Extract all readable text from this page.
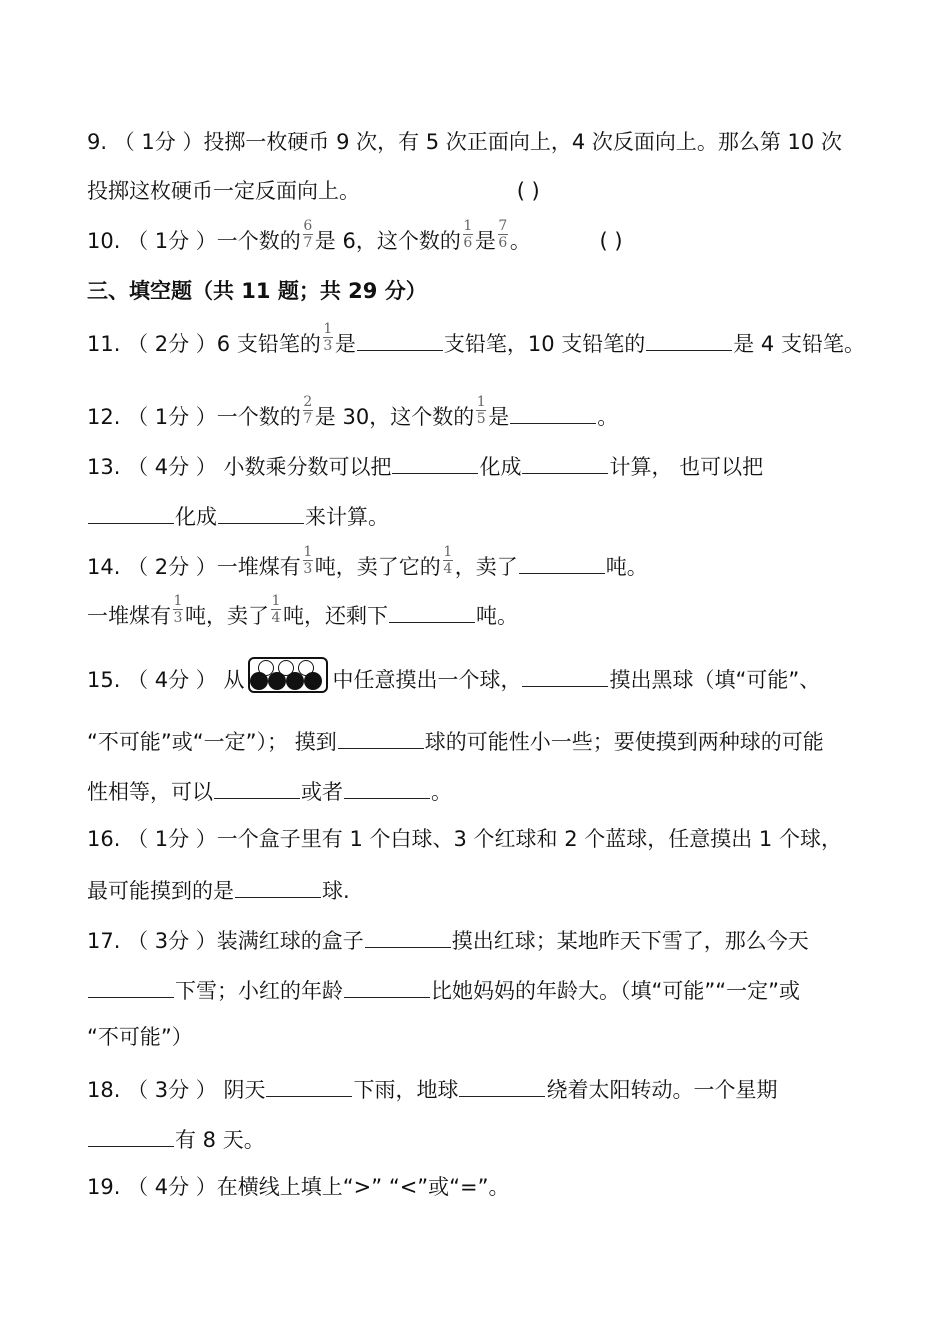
9. （ 1分 ）投掷一枚硬币 9 次，有 5 次正面向上，4 次反面向上。那么第 10 次
投掷这枚硬币一定反面向上。	( )
10. （ 1分 ）一个数的 $\frac{6}{7}$ 是 6，这个数的 $\frac{1}{6}$ 是 $\frac{7}{6}$ 。	( )
三、填空题（共 11 题；共 29 分）
11. （ 2分 ）6 支铅笔的 $\frac{1}{3}$ 是	支铅笔，10 支铅笔的	是 4 支铅笔。
12. （ 1分 ）一个数的 $\frac{2}{7}$ 是 30，这个数的 $\frac{1}{5}$ 是	。
13. （ 4分 ） 小数乘分数可以把	化成	计算， 也可以把
化成	来计算。
14. （ 2分 ）一堆煤有 $\frac{1}{3}$ 吨，卖了它的 $\frac{1}{4}$ ，卖了	吨。
一堆煤有 $\frac{1}{3}$ 吨，卖了 $\frac{1}{4}$ 吨，还剩下	吨。
15. （ 4分 ） 从	中任意摸出一个球，	摸出黑球（填“可能”、
“不可能”或“一定”）； 摸到	球的可能性小一些；要使摸到两种球的可能
性相等，可以	或者	。
16. （ 1分 ）一个盒子里有 1 个白球、3 个红球和 2 个蓝球，任意摸出 1 个球，
最可能摸到的是	球.
17. （ 3分 ）装满红球的盒子	摸出红球；某地昨天下雪了，那么今天
下雪；小红的年龄	比她妈妈的年龄大。（填“可能”“一定”或
“不可能”）
18. （ 3分 ） 阴天	下雨，地球	绕着太阳转动。一个星期
有 8 天。
19. （ 4分 ）在横线上填上“>” “<”或“=”。
